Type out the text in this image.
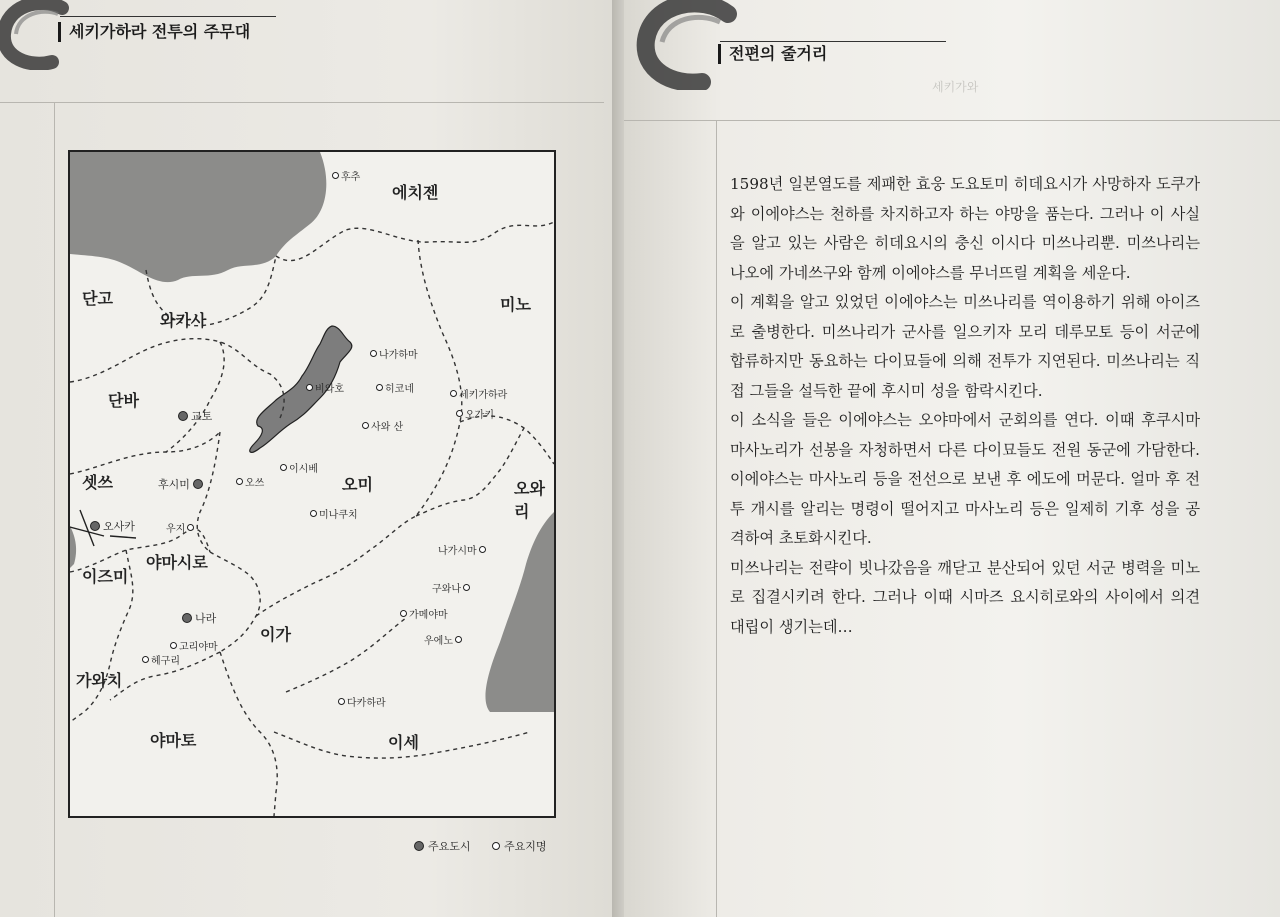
세키가하라 전투의 주무대
에치젠
단고
와카사
미노
단바
셋쓰	오미	오와리
야마시로
이즈미
이가
가와치
야마토	이세
교토
후시미
오사카
나라
후추
나가하마
비와호	히코네
세키가하라
오가키
사와 산
이시베
오쓰
미나쿠치
우지
나가시마
구와나
가메야마
우에노
고리야마
헤구리
다카하라
주요도시	주요지명
전편의 줄거리
세키가와

1598년 일본열도를 제패한 효웅 도요토미 히데요시가 사망하자 도쿠가와 이에야스는 천하를 차지하고자 하는 야망을 품는다. 그러나 이 사실을 알고 있는 사람은 히데요시의 충신 이시다 미쓰나리뿐. 미쓰나리는 나오에 가네쓰구와 함께 이에야스를 무너뜨릴 계획을 세운다.

이 계획을 알고 있었던 이에야스는 미쓰나리를 역이용하기 위해 아이즈로 출병한다. 미쓰나리가 군사를 일으키자 모리 데루모토 등이 서군에 합류하지만 동요하는 다이묘들에 의해 전투가 지연된다. 미쓰나리는 직접 그들을 설득한 끝에 후시미 성을 함락시킨다.

이 소식을 들은 이에야스는 오야마에서 군회의를 연다. 이때 후쿠시마 마사노리가 선봉을 자청하면서 다른 다이묘들도 전원 동군에 가담한다. 이에야스는 마사노리 등을 전선으로 보낸 후 에도에 머문다. 얼마 후 전투 개시를 알리는 명령이 떨어지고 마사노리 등은 일제히 기후 성을 공격하여 초토화시킨다.

미쓰나리는 전략이 빗나갔음을 깨닫고 분산되어 있던 서군 병력을 미노로 집결시키려 한다. 그러나 이때 시마즈 요시히로와의 사이에서 의견 대립이 생기는데…
